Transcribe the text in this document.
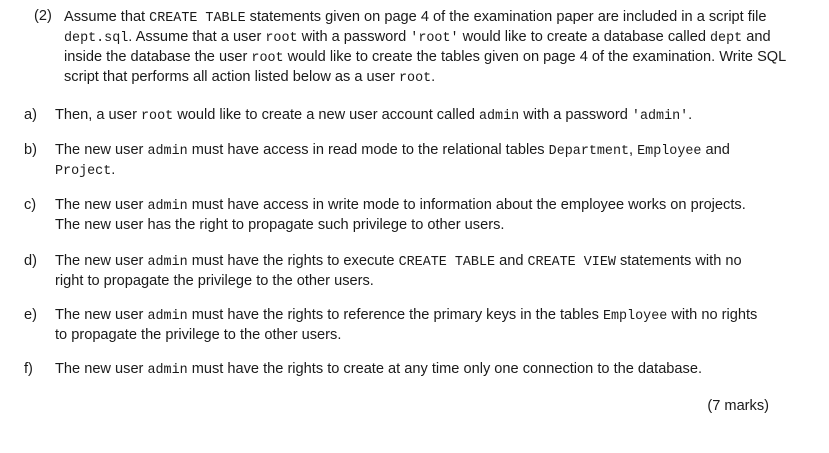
(2) Assume that CREATE TABLE statements given on page 4 of the examination paper are included in a script file dept.sql. Assume that a user root with a password 'root' would like to create a database called dept and inside the database the user root would like to create the tables given on page 4 of the examination. Write SQL script that performs all action listed below as a user root.
a) Then, a user root would like to create a new user account called admin with a password 'admin'.
b) The new user admin must have access in read mode to the relational tables Department, Employee and Project.
c) The new user admin must have access in write mode to information about the employee works on projects. The new user has the right to propagate such privilege to other users.
d) The new user admin must have the rights to execute CREATE TABLE and CREATE VIEW statements with no right to propagate the privilege to the other users.
e) The new user admin must have the rights to reference the primary keys in the tables Employee with no rights to propagate the privilege to the other users.
f) The new user admin must have the rights to create at any time only one connection to the database.
(7 marks)
